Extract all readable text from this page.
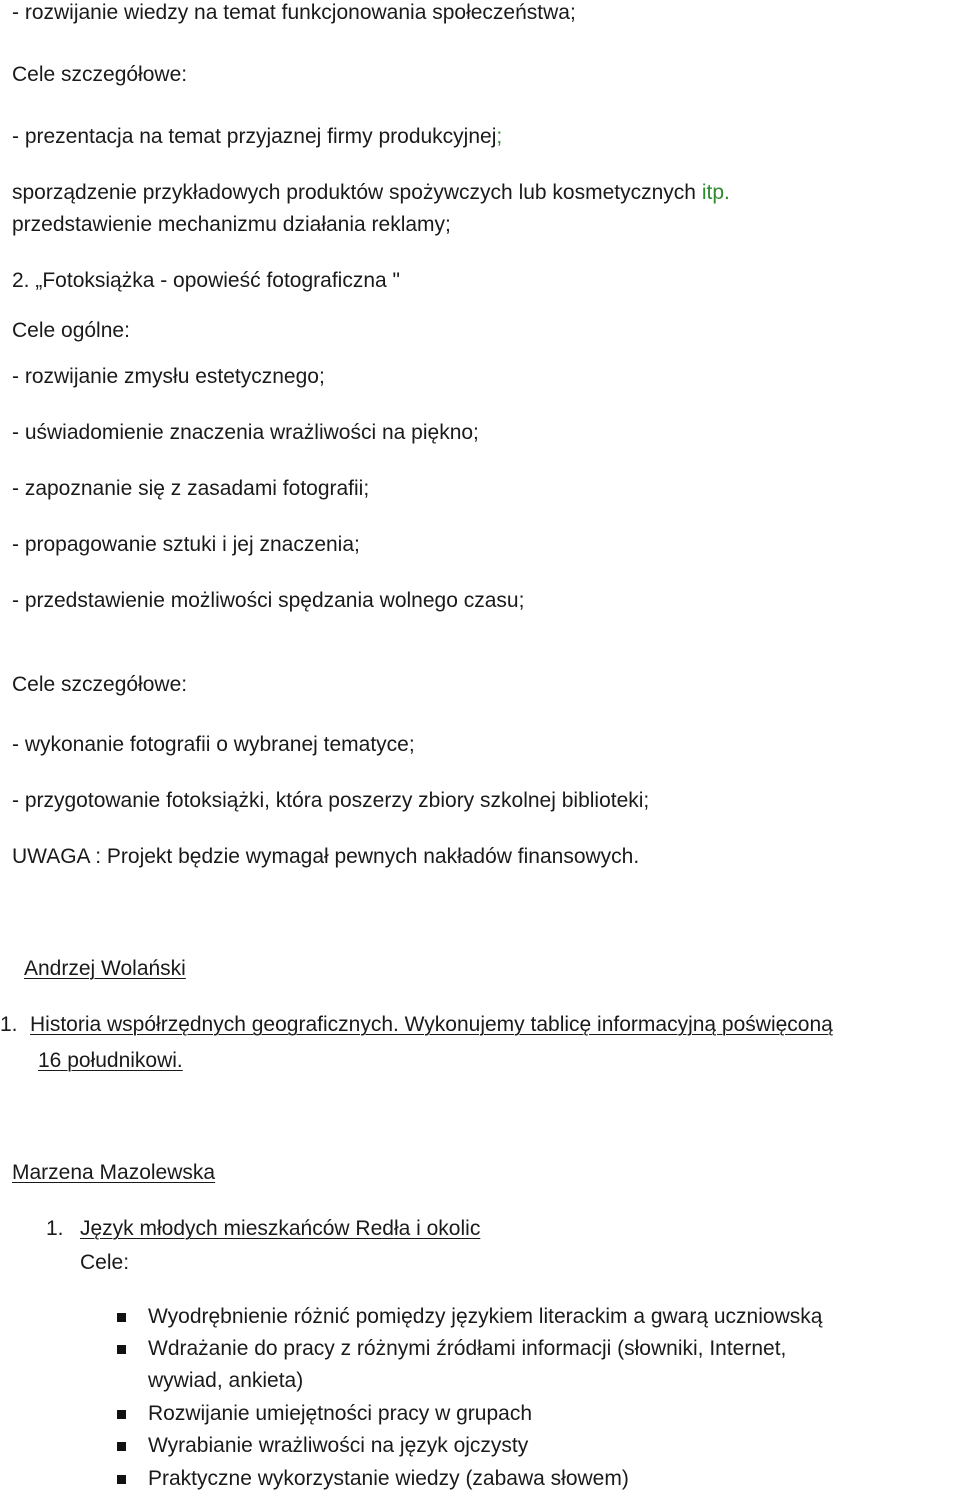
- rozwijanie wiedzy na temat funkcjonowania społeczeństwa;
Cele szczegółowe:
- prezentacja na temat przyjaznej firmy produkcyjnej;
sporządzenie przykładowych produktów spożywczych lub kosmetycznych itp.
przedstawienie mechanizmu działania reklamy;
2. „Fotoksiążka - opowieść fotograficzna "
Cele ogólne:
- rozwijanie zmysłu estetycznego;
- uświadomienie znaczenia wrażliwości na piękno;
- zapoznanie się z zasadami fotografii;
- propagowanie sztuki i jej znaczenia;
- przedstawienie możliwości spędzania wolnego czasu;
Cele szczegółowe:
- wykonanie fotografii o wybranej tematyce;
- przygotowanie fotoksiążki, która poszerzy zbiory szkolnej biblioteki;
UWAGA : Projekt będzie wymagał pewnych nakładów finansowych.
Andrzej Wolański
1. Historia współrzędnych geograficznych. Wykonujemy tablicę informacyjną poświęconą
16 południkowi.
Marzena Mazolewska
1. Język młodych mieszkańców Redła i okolic
Cele:
Wyodrębnienie różnić pomiędzy językiem literackim a gwarą uczniowską
Wdrażanie do pracy z różnymi źródłami informacji (słowniki, Internet,
wywiad, ankieta)
Rozwijanie umiejętności pracy w grupach
Wyrabianie wrażliwości na język ojczysty
Praktyczne wykorzystanie wiedzy (zabawa słowem)
